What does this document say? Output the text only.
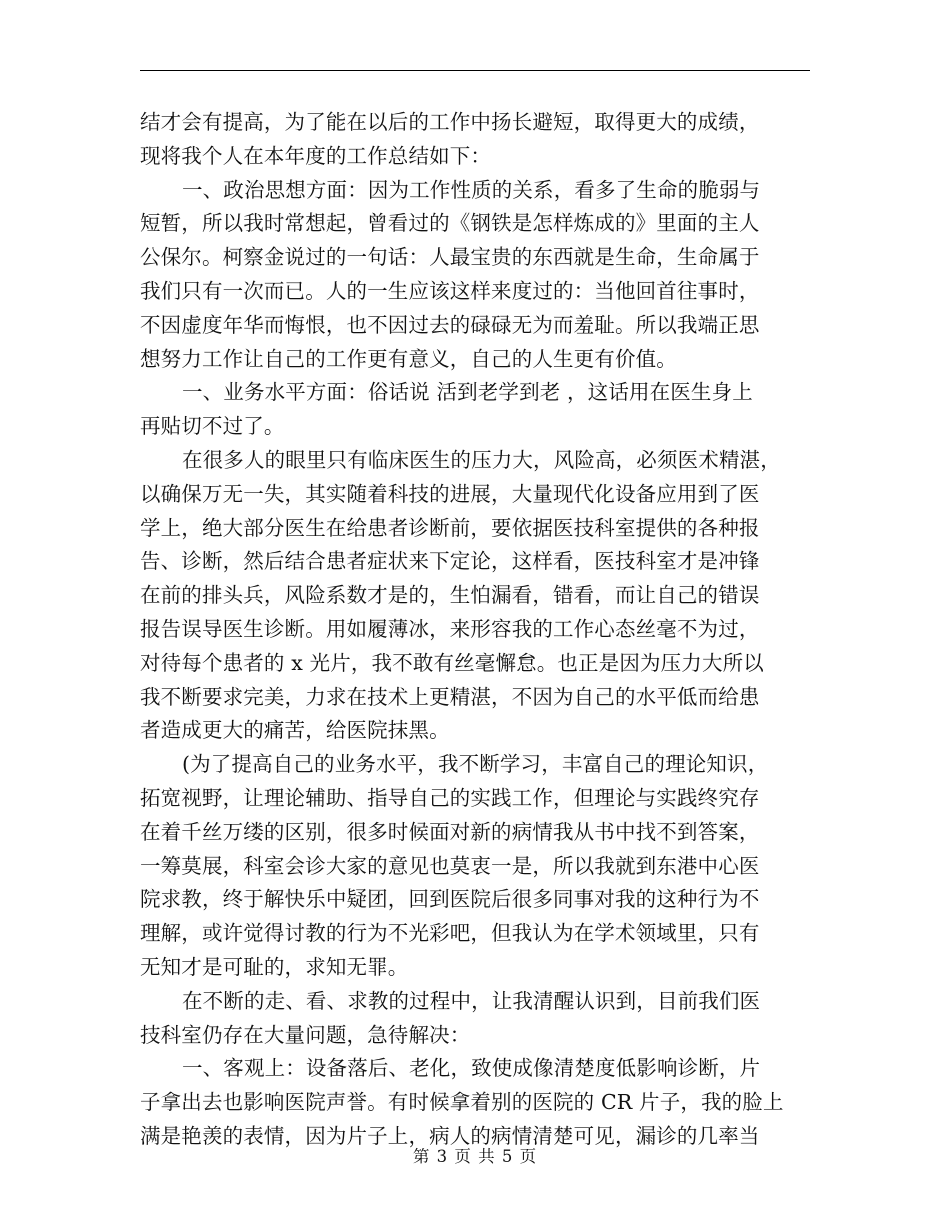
结才会有提高，为了能在以后的工作中扬长避短，取得更大的成绩，
现将我个人在本年度的工作总结如下：
一、政治思想方面：因为工作性质的关系，看多了生命的脆弱与
短暂，所以我时常想起，曾看过的《钢铁是怎样炼成的》里面的主人
公保尔。柯察金说过的一句话：人最宝贵的东西就是生命，生命属于
我们只有一次而已。人的一生应该这样来度过的：当他回首往事时，
不因虚度年华而悔恨，也不因过去的碌碌无为而羞耻。所以我端正思
想努力工作让自己的工作更有意义，自己的人生更有价值。
一、业务水平方面：俗话说 活到老学到老 ，这话用在医生身上
再贴切不过了。
在很多人的眼里只有临床医生的压力大，风险高，必须医术精湛，
以确保万无一失，其实随着科技的进展，大量现代化设备应用到了医
学上，绝大部分医生在给患者诊断前，要依据医技科室提供的各种报
告、诊断，然后结合患者症状来下定论，这样看，医技科室才是冲锋
在前的排头兵，风险系数才是的，生怕漏看，错看，而让自己的错误
报告误导医生诊断。用如履薄冰，来形容我的工作心态丝毫不为过，
对待每个患者的 x 光片，我不敢有丝毫懈怠。也正是因为压力大所以
我不断要求完美，力求在技术上更精湛，不因为自己的水平低而给患
者造成更大的痛苦，给医院抹黑。
(为了提高自己的业务水平，我不断学习，丰富自己的理论知识，
拓宽视野，让理论辅助、指导自己的实践工作，但理论与实践终究存
在着千丝万缕的区别，很多时候面对新的病情我从书中找不到答案，
一筹莫展，科室会诊大家的意见也莫衷一是，所以我就到东港中心医
院求教，终于解快乐中疑团，回到医院后很多同事对我的这种行为不
理解，或许觉得讨教的行为不光彩吧，但我认为在学术领域里，只有
无知才是可耻的，求知无罪。
在不断的走、看、求教的过程中，让我清醒认识到，目前我们医
技科室仍存在大量问题，急待解决：
一、客观上：设备落后、老化，致使成像清楚度低影响诊断，片
子拿出去也影响医院声誉。有时候拿着别的医院的 CR 片子，我的脸上
满是艳羡的表情，因为片子上，病人的病情清楚可见，漏诊的几率当
第 3 页 共 5 页
